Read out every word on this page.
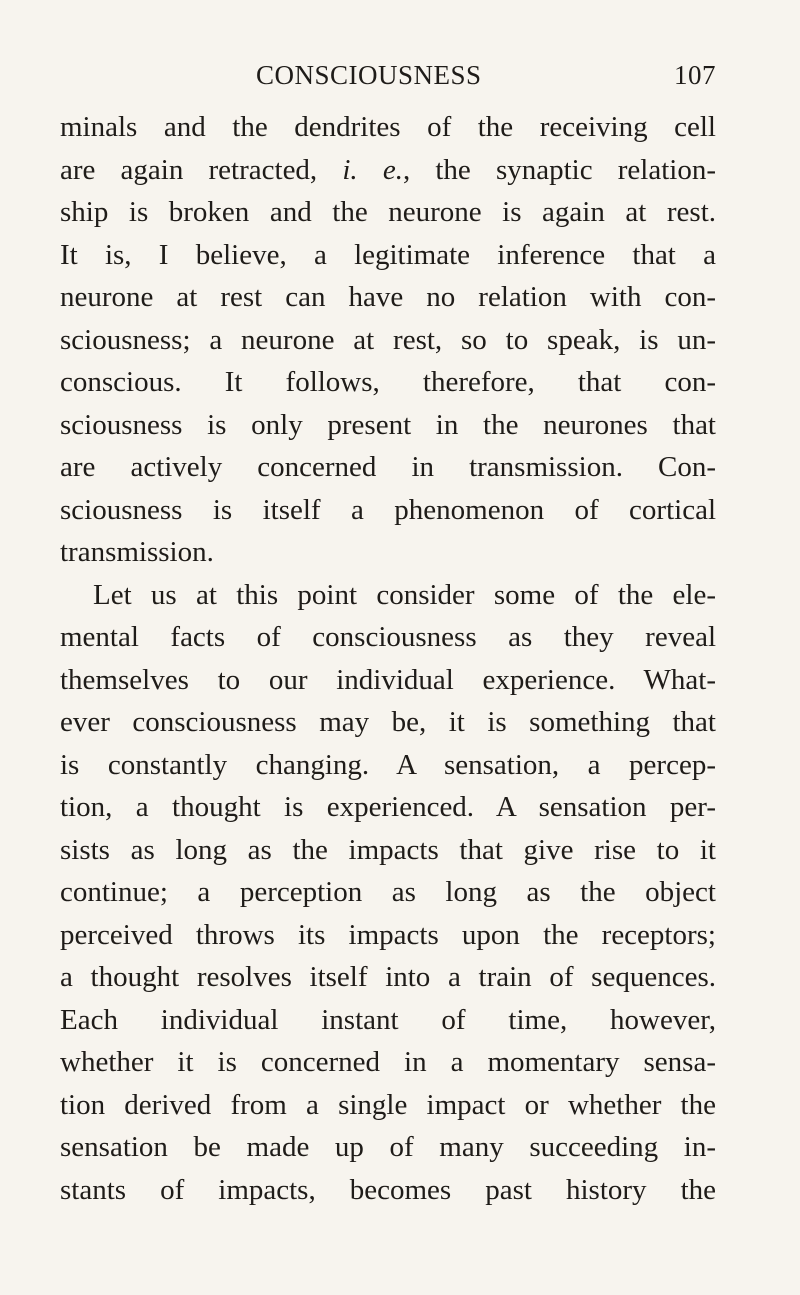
CONSCIOUSNESS	107
minals and the dendrites of the receiving cell
are again retracted, i. e., the synaptic relation-
ship is broken and the neurone is again at rest.
It is, I believe, a legitimate inference that a
neurone at rest can have no relation with con-
sciousness; a neurone at rest, so to speak, is un-
conscious. It follows, therefore, that con-
sciousness is only present in the neurones that
are actively concerned in transmission. Con-
sciousness is itself a phenomenon of cortical
transmission.
Let us at this point consider some of the ele-
mental facts of consciousness as they reveal
themselves to our individual experience. What-
ever consciousness may be, it is something that
is constantly changing. A sensation, a percep-
tion, a thought is experienced. A sensation per-
sists as long as the impacts that give rise to it
continue; a perception as long as the object
perceived throws its impacts upon the receptors;
a thought resolves itself into a train of sequences.
Each individual instant of time, however,
whether it is concerned in a momentary sensa-
tion derived from a single impact or whether the
sensation be made up of many succeeding in-
stants of impacts, becomes past history the
